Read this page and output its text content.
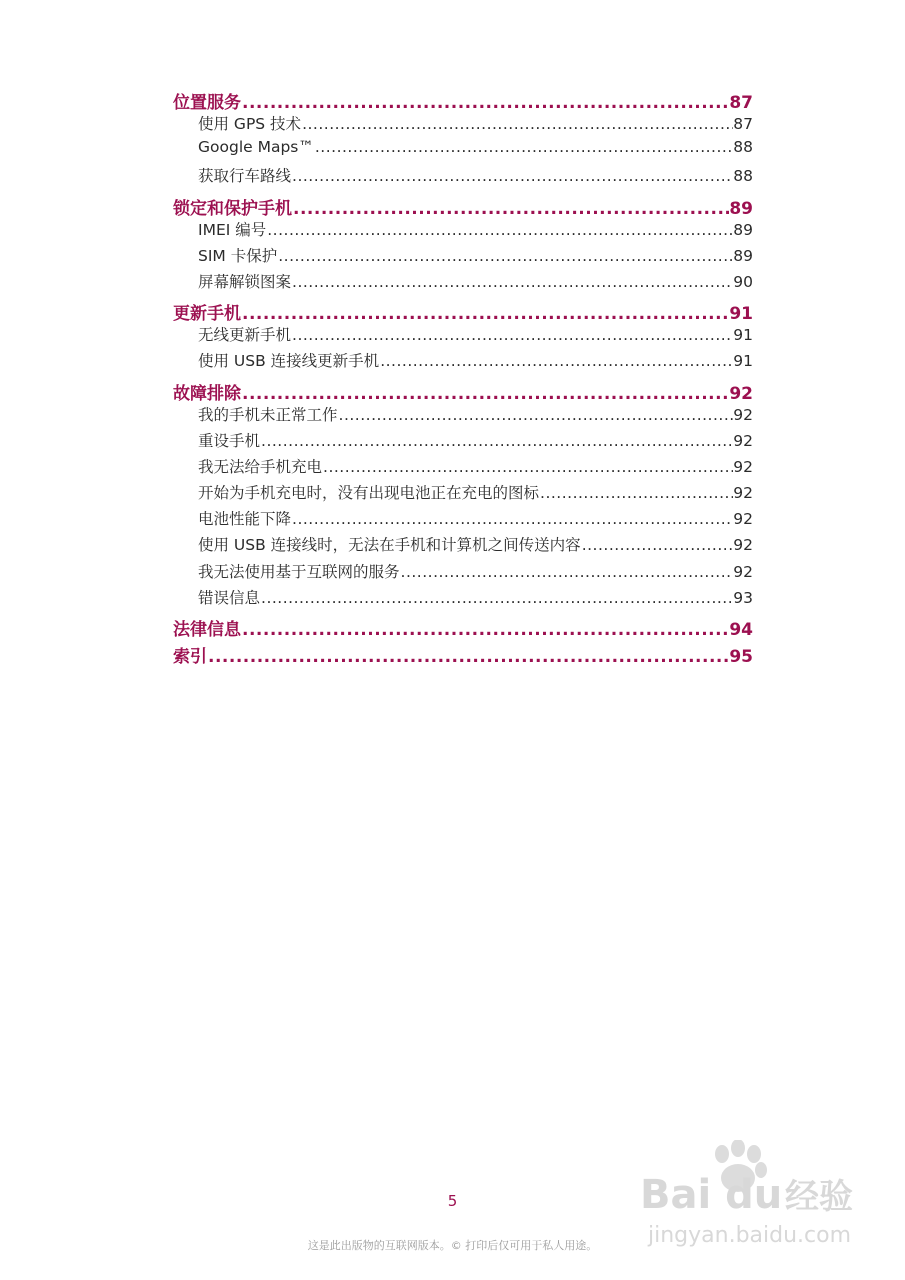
位置服务 .....	87
使用 GPS 技术 .....	87
Google Maps™ .....	88
获取行车路线 .....	88
锁定和保护手机 .....	89
IMEI 编号 .....	89
SIM 卡保护 .....	89
屏幕解锁图案 .....	90
更新手机 .....	91
无线更新手机 .....	91
使用 USB 连接线更新手机 .....	91
故障排除 .....	92
我的手机未正常工作 .....	92
重设手机 .....	92
我无法给手机充电 .....	92
开始为手机充电时，没有出现电池正在充电的图标 .....	92
电池性能下降 .....	92
使用 USB 连接线时，无法在手机和计算机之间传送内容 .....	92
我无法使用基于互联网的服务 .....	92
错误信息 .....	93
法律信息 .....	94
索引 .....	95
5
这是此出版物的互联网版本。© 打印后仅可用于私人用途。
Bai du 经验
jingyan.baidu.com
